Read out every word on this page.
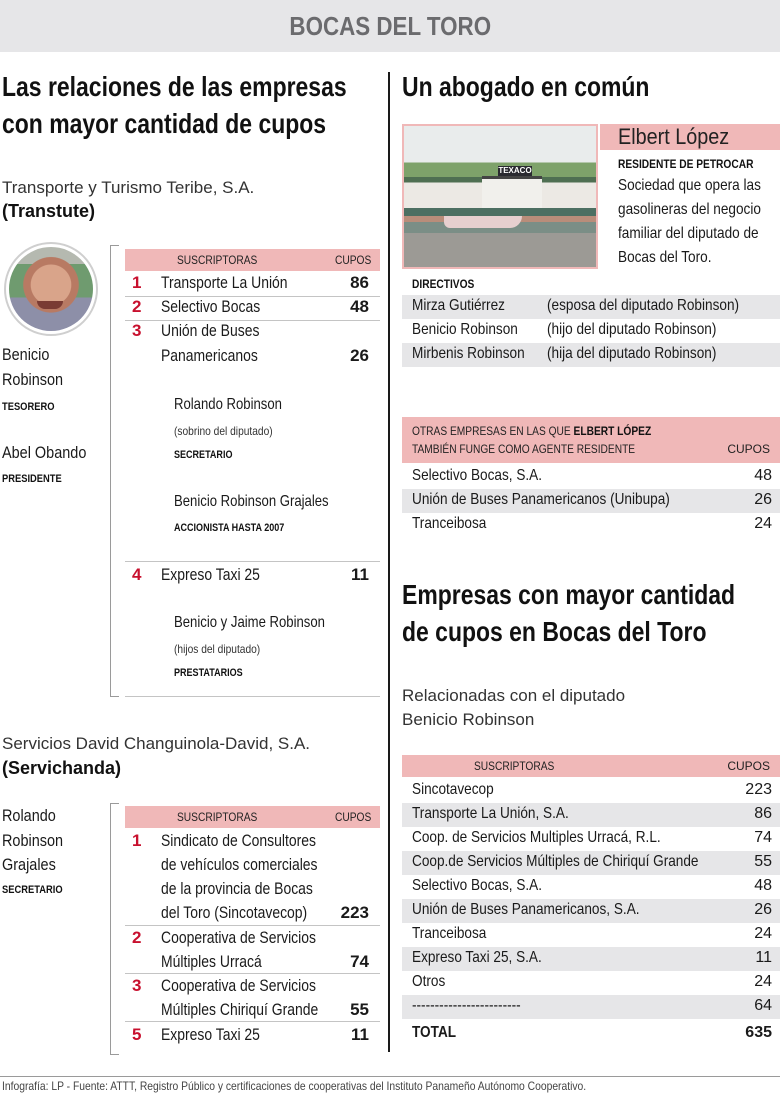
BOCAS DEL TORO
Las relaciones de las empresas
con mayor cantidad de cupos
Transporte y Turismo Teribe, S.A.
(Transtute)
Benicio
Robinson
TESORERO
Abel Obando
PRESIDENTE
SUSCRIPTORAS	CUPOS
1 Transporte La Unión	86
2 Selectivo Bocas	48
3 Unión de Buses
Panamericanos	26
Rolando Robinson
(sobrino del diputado)
SECRETARIO
Benicio Robinson Grajales
ACCIONISTA HASTA 2007
4 Expreso Taxi 25	11
Benicio y Jaime Robinson
(hijos del diputado)
PRESTATARIOS
Servicios David Changuinola-David, S.A.
(Servichanda)
Rolando
Robinson
Grajales
SECRETARIO
SUSCRIPTORAS	CUPOS
1 Sindicato de Consultores
de vehículos comerciales
de la provincia de Bocas
del Toro (Sincotavecop)	223
2 Cooperativa de Servicios
Múltiples Urracá	74
3 Cooperativa de Servicios
Múltiples Chiriquí Grande	55
5 Expreso Taxi 25	11
Un abogado en común
TEXACO
Elbert López
RESIDENTE DE PETROCAR
Sociedad que opera las
gasolineras del negocio
familiar del diputado de
Bocas del Toro.
DIRECTIVOS
Mirza Gutiérrez	(esposa del diputado Robinson)
Benicio Robinson (hijo del diputado Robinson)
Mirbenis Robinson (hija del diputado Robinson)
OTRAS EMPRESAS EN LAS QUE ELBERT LÓPEZ
TAMBIÉN FUNGE COMO AGENTE RESIDENTE	CUPOS
Selectivo Bocas, S.A.	48
Unión de Buses Panamericanos (Unibupa)	26
Tranceibosa	24
Empresas con mayor cantidad
de cupos en Bocas del Toro
Relacionadas con el diputado
Benicio Robinson
SUSCRIPTORAS	CUPOS
Sincotavecop	223
Transporte La Unión, S.A.	86
Coop. de Servicios Multiples Urracá, R.L.	74
Coop.de Servicios Múltiples de Chiriquí Grande	55
Selectivo Bocas, S.A.	48
Unión de Buses Panamericanos, S.A.	26
Tranceibosa	24
Expreso Taxi 25, S.A.	11
Otros	24
------------------------	64
TOTAL	635
Infografía: LP - Fuente: ATTT, Registro Público y certificaciones de cooperativas del Instituto Panameño Autónomo Cooperativo.
